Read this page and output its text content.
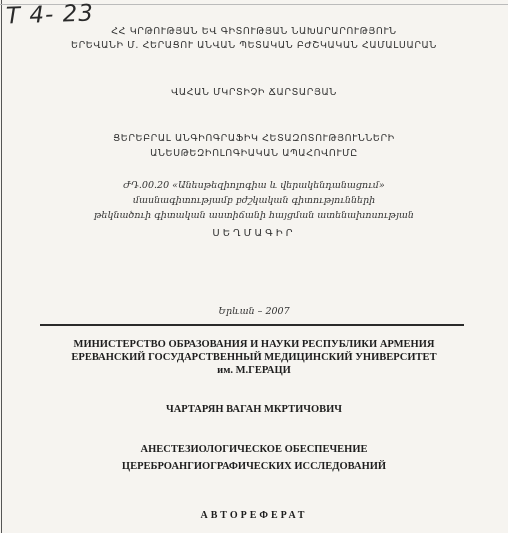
Т 4- 23
ՀՀ ԿՐԹՈՒԹՅԱՆ ԵՎ ԳԻՏՈՒԹՅԱՆ ՆԱԽԱՐԱՐՈՒԹՅՈՒՆ
ԵՐԵՎԱՆԻ Մ. ՀԵՐԱՑՈՒ ԱՆՎԱՆ ՊԵՏԱԿԱՆ ԲԺՇԿԱԿԱՆ ՀԱՄԱԼՍԱՐԱՆ
ՎԱՀԱՆ ՄԿՐՏԻՉԻ ՃԱՐՏԱՐՅԱՆ
ՑԵՐԵԲՐԱԼ ԱՆԳԻՈԳՐԱՖԻԿ ՀԵՏԱԶՈՏՈՒԹՅՈՒՆՆԵՐԻ
ԱՆԵՍԹԵԶԻՈԼՈԳԻԱԿԱՆ ԱՊԱՀՈՎՈՒՄԸ
ԺԴ.00.20 «Անեսթեզիոլոգիա և վերակենդանացում»
մասնագիտությամբ բժշկական գիտությունների
թեկնածուի գիտական աստիճանի հայցման ատենախոսության
ՍԵՂՄԱԳԻՐ
Երևան – 2007
МИНИСТЕРСТВО ОБРАЗОВАНИЯ И НАУКИ РЕСПУБЛИКИ АРМЕНИЯ
ЕРЕВАНСКИЙ ГОСУДАРСТВЕННЫЙ МЕДИЦИНСКИЙ УНИВЕРСИТЕТ
им. М.ГЕРАЦИ
ЧАРТАРЯН ВАГАН МКРТИЧОВИЧ
АНЕСТЕЗИОЛОГИЧЕСКОЕ ОБЕСПЕЧЕНИЕ
ЦЕРЕБРОАНГИОГРАФИЧЕСКИХ ИССЛЕДОВАНИЙ
АВТОРЕФЕРАТ
